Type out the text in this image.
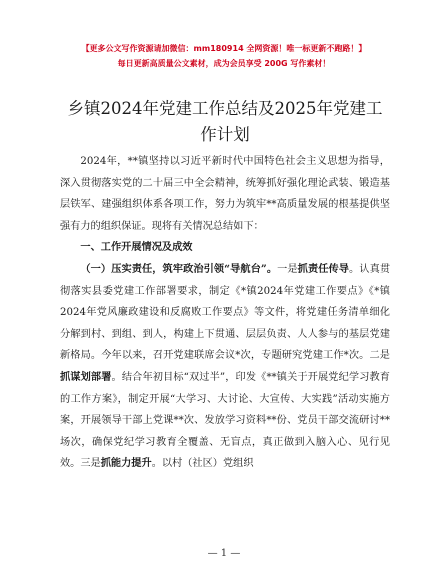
【更多公文写作资源请加微信：mm180914 全网资源！唯一标更新不跑路！】
每日更新高质量公文素材，成为会员享受 200G 写作素材！
乡镇2024年党建工作总结及2025年党建工作计划

2024年，**镇坚持以习近平新时代中国特色社会主义思想为指导，深入贯彻落实党的二十届三中全会精神，统筹抓好强化理论武装、锻造基层铁军、建强组织体系各项工作，努力为筑牢**高质量发展的根基提供坚强有力的组织保证。现将有关情况总结如下：

一、工作开展情况及成效

（一）压实责任，筑牢政治引领“导航台”。一是抓责任传导。认真贯彻落实县委党建工作部署要求，制定《*镇2024年党建工作要点》《*镇2024年党风廉政建设和反腐败工作要点》等文件，将党建任务清单细化分解到村、到组、到人，构建上下贯通、层层负责、人人参与的基层党建新格局。今年以来，召开党建联席会议*次，专题研究党建工作*次。二是抓谋划部署。结合年初目标“双过半”，印发《**镇关于开展党纪学习教育的工作方案》，制定开展“大学习、大讨论、大宣传、大实践”活动实施方案，开展领导干部上党课**次、发放学习资料**份、党员干部交流研讨**场次，确保党纪学习教育全覆盖、无盲点，真正做到入脑入心、见行见效。三是抓能力提升。以村（社区）党组织

— 1 —
